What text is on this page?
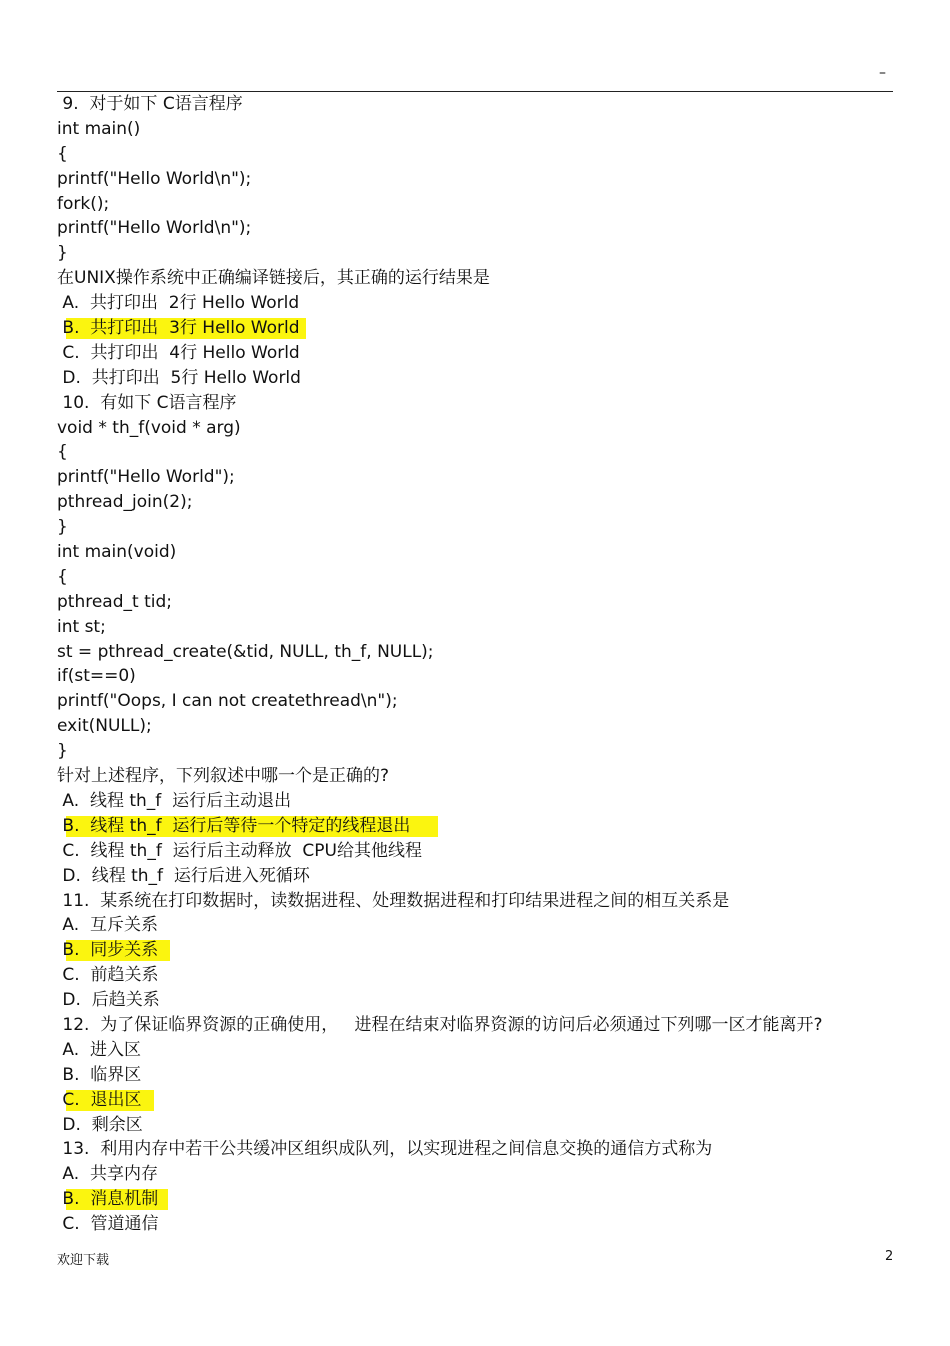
–
9.  对于如下 C语言程序
int main()
{
printf("Hello World\n");
fork();
printf("Hello World\n");
}
在UNIX操作系统中正确编译链接后，其正确的运行结果是
A.  共打印出  2行 Hello World
B.  共打印出  3行 Hello World
C.  共打印出  4行 Hello World
D.  共打印出  5行 Hello World
10.  有如下 C语言程序
void * th_f(void * arg)
{
printf("Hello World");
pthread_join(2);
}
int main(void)
{
pthread_t tid;
int st;
st = pthread_create(&tid, NULL, th_f, NULL);
if(st==0)
printf("Oops, I can not createthread\n");
exit(NULL);
}
针对上述程序，下列叙述中哪一个是正确的?
A.  线程 th_f  运行后主动退出
B.  线程 th_f  运行后等待一个特定的线程退出
C.  线程 th_f  运行后主动释放  CPU给其他线程
D.  线程 th_f  运行后进入死循环
11.  某系统在打印数据时，读数据进程、处理数据进程和打印结果进程之间的相互关系是
A.  互斥关系
B.  同步关系
C.  前趋关系
D.  后趋关系
12.  为了保证临界资源的正确使用，   进程在结束对临界资源的访问后必须通过下列哪一区才能离开?
A.  进入区
B.  临界区
C.  退出区
D.  剩余区
13.  利用内存中若干公共缓冲区组织成队列，以实现进程之间信息交换的通信方式称为
A.  共享内存
B.  消息机制
C.  管道通信
欢迎下载	2
